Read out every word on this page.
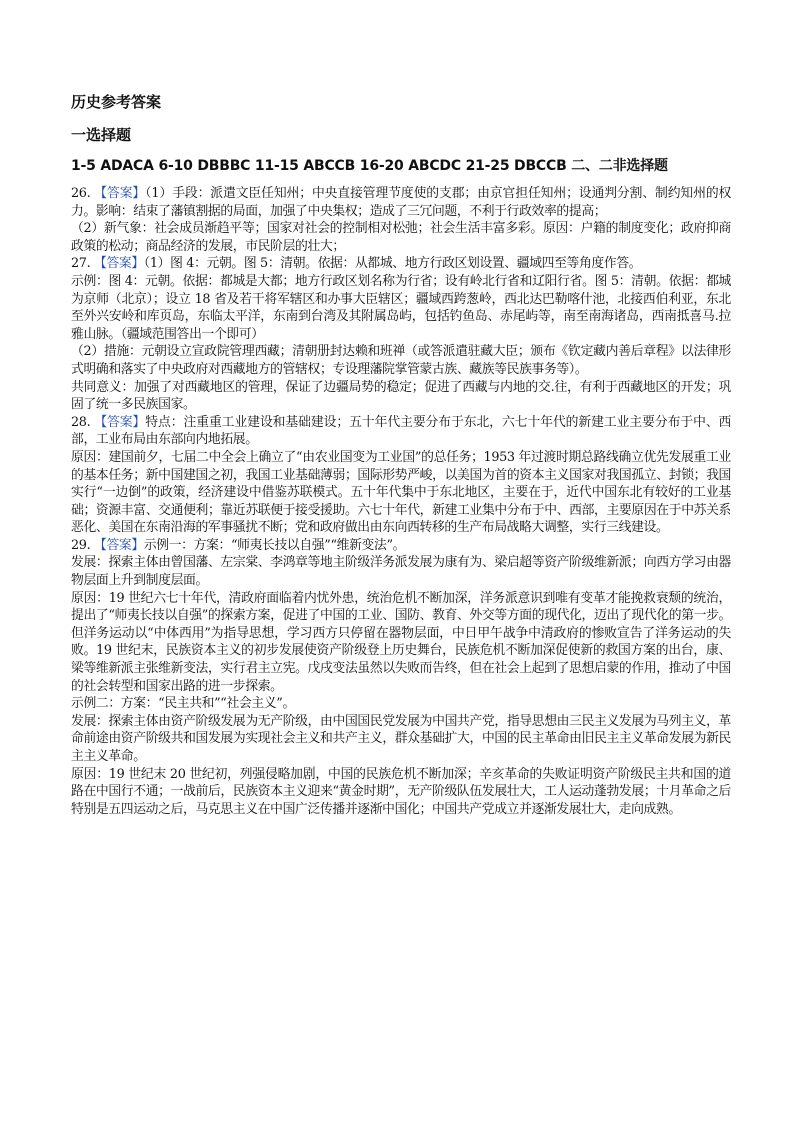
历史参考答案
一选择题
1-5 ADACA 6-10 DBBBC 11-15 ABCCB 16-20 ABCDC 21-25 DBCCB 二、二非选择题

26. 【答案】（1）手段：派遣文臣任知州；中央直接管理节度使的支郡；由京官担任知州；设通判分割、制约知州的权力。影响：结束了藩镇割据的局面，加强了中央集权；造成了三冗问题，不利于行政效率的提高；

（2）新气象：社会成员渐趋平等；国家对社会的控制相对松弛；社会生活丰富多彩。原因：户籍的制度变化；政府抑商政策的松动；商品经济的发展，市民阶层的壮大；

27. 【答案】（1）图 4：元朝。图 5：清朝。依据：从都城、地方行政区划设置、疆域四至等角度作答。

示例：图 4：元朝。依据：都城是大都；地方行政区划名称为行省；设有岭北行省和辽阳行省。图 5：清朝。依据：都城为京师（北京）；设立 18 省及若干将军辖区和办事大臣辖区；疆域西跨葱岭，西北达巴勒喀什池，北接西伯利亚，东北至外兴安岭和库页岛，东临太平洋，东南到台湾及其附属岛屿，包括钓鱼岛、赤尾屿等，南至南海诸岛，西南抵喜马.拉雅山脉。（疆域范围答出一个即可）

（2）措施：元朝设立宣政院管理西藏；清朝册封达赖和班禅（或答派遣驻藏大臣；颁布《钦定藏内善后章程》以法律形式明确和落实了中央政府对西藏地方的管辖权；专设理藩院掌管蒙古族、藏族等民族事务等）。

共同意义：加强了对西藏地区的管理，保证了边疆局势的稳定；促进了西藏与内地的交.往，有利于西藏地区的开发；巩固了统一多民族国家。

28. 【答案】特点：注重重工业建设和基础建设；五十年代主要分布于东北，六七十年代的新建工业主要分布于中、西部，工业布局由东部向内地拓展。

原因：建国前夕，七届二中全会上确立了“由农业国变为工业国”的总任务；1953 年过渡时期总路线确立优先发展重工业的基本任务；新中国建国之初，我国工业基础薄弱；国际形势严峻，以美国为首的资本主义国家对我国孤立、封锁；我国实行“一边倒”的政策，经济建设中借鉴苏联模式。五十年代集中于东北地区，主要在于，近代中国东北有较好的工业基础；资源丰富、交通便利；靠近苏联便于接受援助。六七十年代，新建工业集中分布于中、西部，主要原因在于中苏关系恶化、美国在东南沿海的军事骚扰不断；党和政府做出由东向西转移的生产布局战略大调整，实行三线建设。

29. 【答案】示例一：方案：“师夷长技以自强”“维新变法”。

发展：探索主体由曾国藩、左宗棠、李鸿章等地主阶级洋务派发展为康有为、梁启超等资产阶级维新派；向西方学习由器物层面上升到制度层面。

原因：19 世纪六七十年代，清政府面临着内忧外患，统治危机不断加深，洋务派意识到唯有变革才能挽救衰颓的统治，提出了“师夷长技以自强”的探索方案，促进了中国的工业、国防、教育、外交等方面的现代化，迈出了现代化的第一步。但洋务运动以“中体西用”为指导思想，学习西方只停留在器物层面，中日甲午战争中清政府的惨败宣告了洋务运动的失败。19 世纪末，民族资本主义的初步发展使资产阶级登上历史舞台，民族危机不断加深促使新的救国方案的出台，康、梁等维新派主张维新变法，实行君主立宪。戊戌变法虽然以失败而告终，但在社会上起到了思想启蒙的作用，推动了中国的社会转型和国家出路的进一步探索。

示例二：方案：“民主共和”“社会主义”。

发展：探索主体由资产阶级发展为无产阶级，由中国国民党发展为中国共产党，指导思想由三民主义发展为马列主义，革命前途由资产阶级共和国发展为实现社会主义和共产主义，群众基础扩大，中国的民主革命由旧民主主义革命发展为新民主主义革命。

原因：19 世纪末 20 世纪初，列强侵略加剧，中国的民族危机不断加深；辛亥革命的失败证明资产阶级民主共和国的道路在中国行不通；一战前后，民族资本主义迎来“黄金时期”，无产阶级队伍发展壮大，工人运动蓬勃发展；十月革命之后特别是五四运动之后，马克思主义在中国广泛传播并逐渐中国化；中国共产党成立并逐渐发展壮大，走向成熟。
